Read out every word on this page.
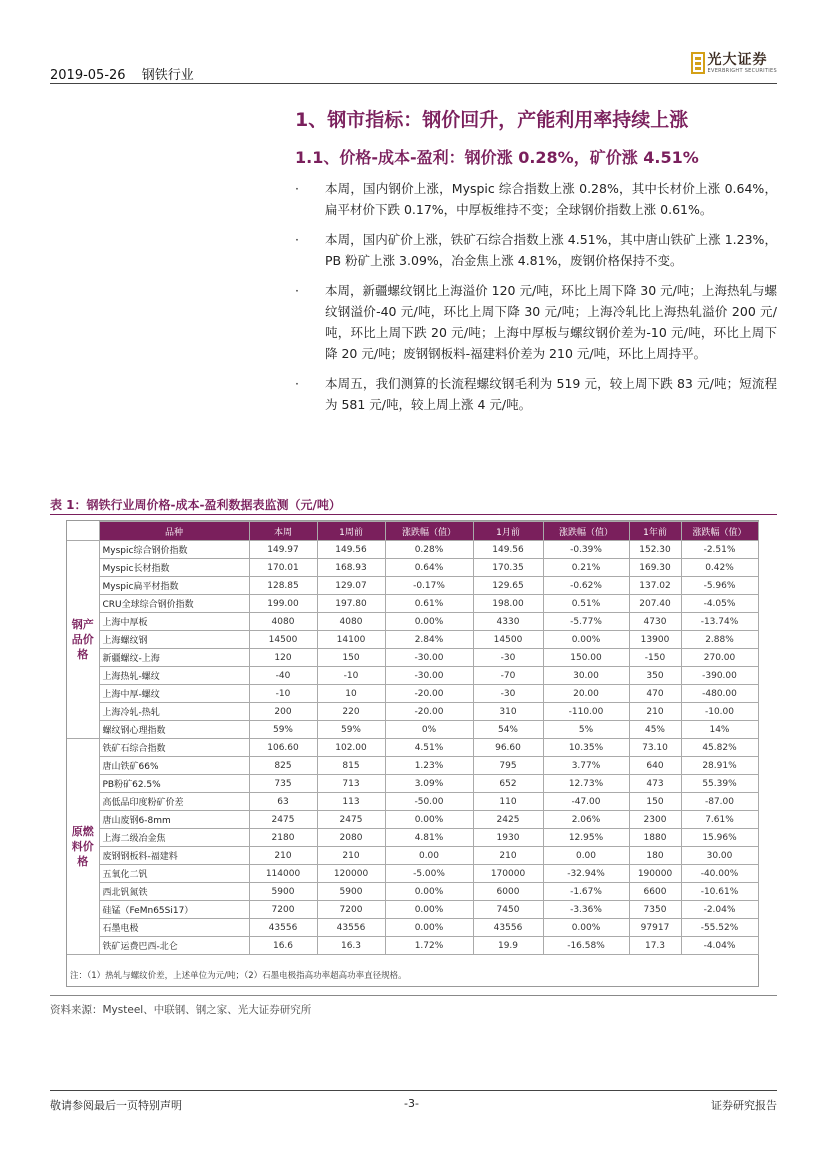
2019-05-26 钢铁行业
光大证券
EVERBRIGHT SECURITIES
1、钢市指标：钢价回升，产能利用率持续上涨
1.1、价格-成本-盈利：钢价涨 0.28%，矿价涨 4.51%
· 本周，国内钢价上涨，Myspic 综合指数上涨 0.28%，其中长材价上涨 0.64%，扁平材价下跌 0.17%，中厚板维持不变；全球钢价指数上涨 0.61%。
· 本周，国内矿价上涨，铁矿石综合指数上涨 4.51%，其中唐山铁矿上涨 1.23%，PB 粉矿上涨 3.09%，冶金焦上涨 4.81%，废钢价格保持不变。
· 本周，新疆螺纹钢比上海溢价 120 元/吨，环比上周下降 30 元/吨；上海热轧与螺纹钢溢价-40 元/吨，环比上周下降 30 元/吨；上海冷轧比上海热轧溢价 200 元/吨，环比上周下跌 20 元/吨；上海中厚板与螺纹钢价差为-10 元/吨，环比上周下降 20 元/吨；废钢钢板料-福建料价差为 210 元/吨，环比上周持平。
· 本周五，我们测算的长流程螺纹钢毛利为 519 元，较上周下跌 83 元/吨；短流程为 581 元/吨，较上周上涨 4 元/吨。
表 1：钢铁行业周价格-成本-盈利数据表监测（元/吨）
	品种	本周	1周前	涨跌幅（值）	1月前	涨跌幅（值）	1年前	涨跌幅（值）
钢产品价格	Myspic综合钢价指数	149.97	149.56	0.28%	149.56	-0.39%	152.30	-2.51%
	Myspic长材指数	170.01	168.93	0.64%	170.35	0.21%	169.30	0.42%
	Myspic扁平材指数	128.85	129.07	-0.17%	129.65	-0.62%	137.02	-5.96%
	CRU全球综合钢价指数	199.00	197.80	0.61%	198.00	0.51%	207.40	-4.05%
	上海中厚板	4080	4080	0.00%	4330	-5.77%	4730	-13.74%
	上海螺纹钢	14500	14100	2.84%	14500	0.00%	13900	2.88%
	新疆螺纹-上海	120	150	-30.00	-30	150.00	-150	270.00
	上海热轧-螺纹	-40	-10	-30.00	-70	30.00	350	-390.00
	上海中厚-螺纹	-10	10	-20.00	-30	20.00	470	-480.00
	上海冷轧-热轧	200	220	-20.00	310	-110.00	210	-10.00
	螺纹钢心理指数	59%	59%	0%	54%	5%	45%	14%
原燃料价格	铁矿石综合指数	106.60	102.00	4.51%	96.60	10.35%	73.10	45.82%
	唐山铁矿66%	825	815	1.23%	795	3.77%	640	28.91%
	PB粉矿62.5%	735	713	3.09%	652	12.73%	473	55.39%
	高低品印度粉矿价差	63	113	-50.00	110	-47.00	150	-87.00
	唐山废钢6-8mm	2475	2475	0.00%	2425	2.06%	2300	7.61%
	上海二级冶金焦	2180	2080	4.81%	1930	12.95%	1880	15.96%
	废钢钢板料-福建料	210	210	0.00	210	0.00	180	30.00
	五氧化二钒	114000	120000	-5.00%	170000	-32.94%	190000	-40.00%
	西北钒氮铁	5900	5900	0.00%	6000	-1.67%	6600	-10.61%
	硅锰（FeMn65Si17）	7200	7200	0.00%	7450	-3.36%	7350	-2.04%
	石墨电极	43556	43556	0.00%	43556	0.00%	97917	-55.52%
	铁矿运费巴西-北仑	16.6	16.3	1.72%	19.9	-16.58%	17.3	-4.04%
注：（1）热轧与螺纹价差，上述单位为元/吨；（2）石墨电极指高功率超高功率直径规格。
资料来源：Mysteel、中联钢、钢之家、光大证券研究所
敬请参阅最后一页特别声明	-3-	证券研究报告
